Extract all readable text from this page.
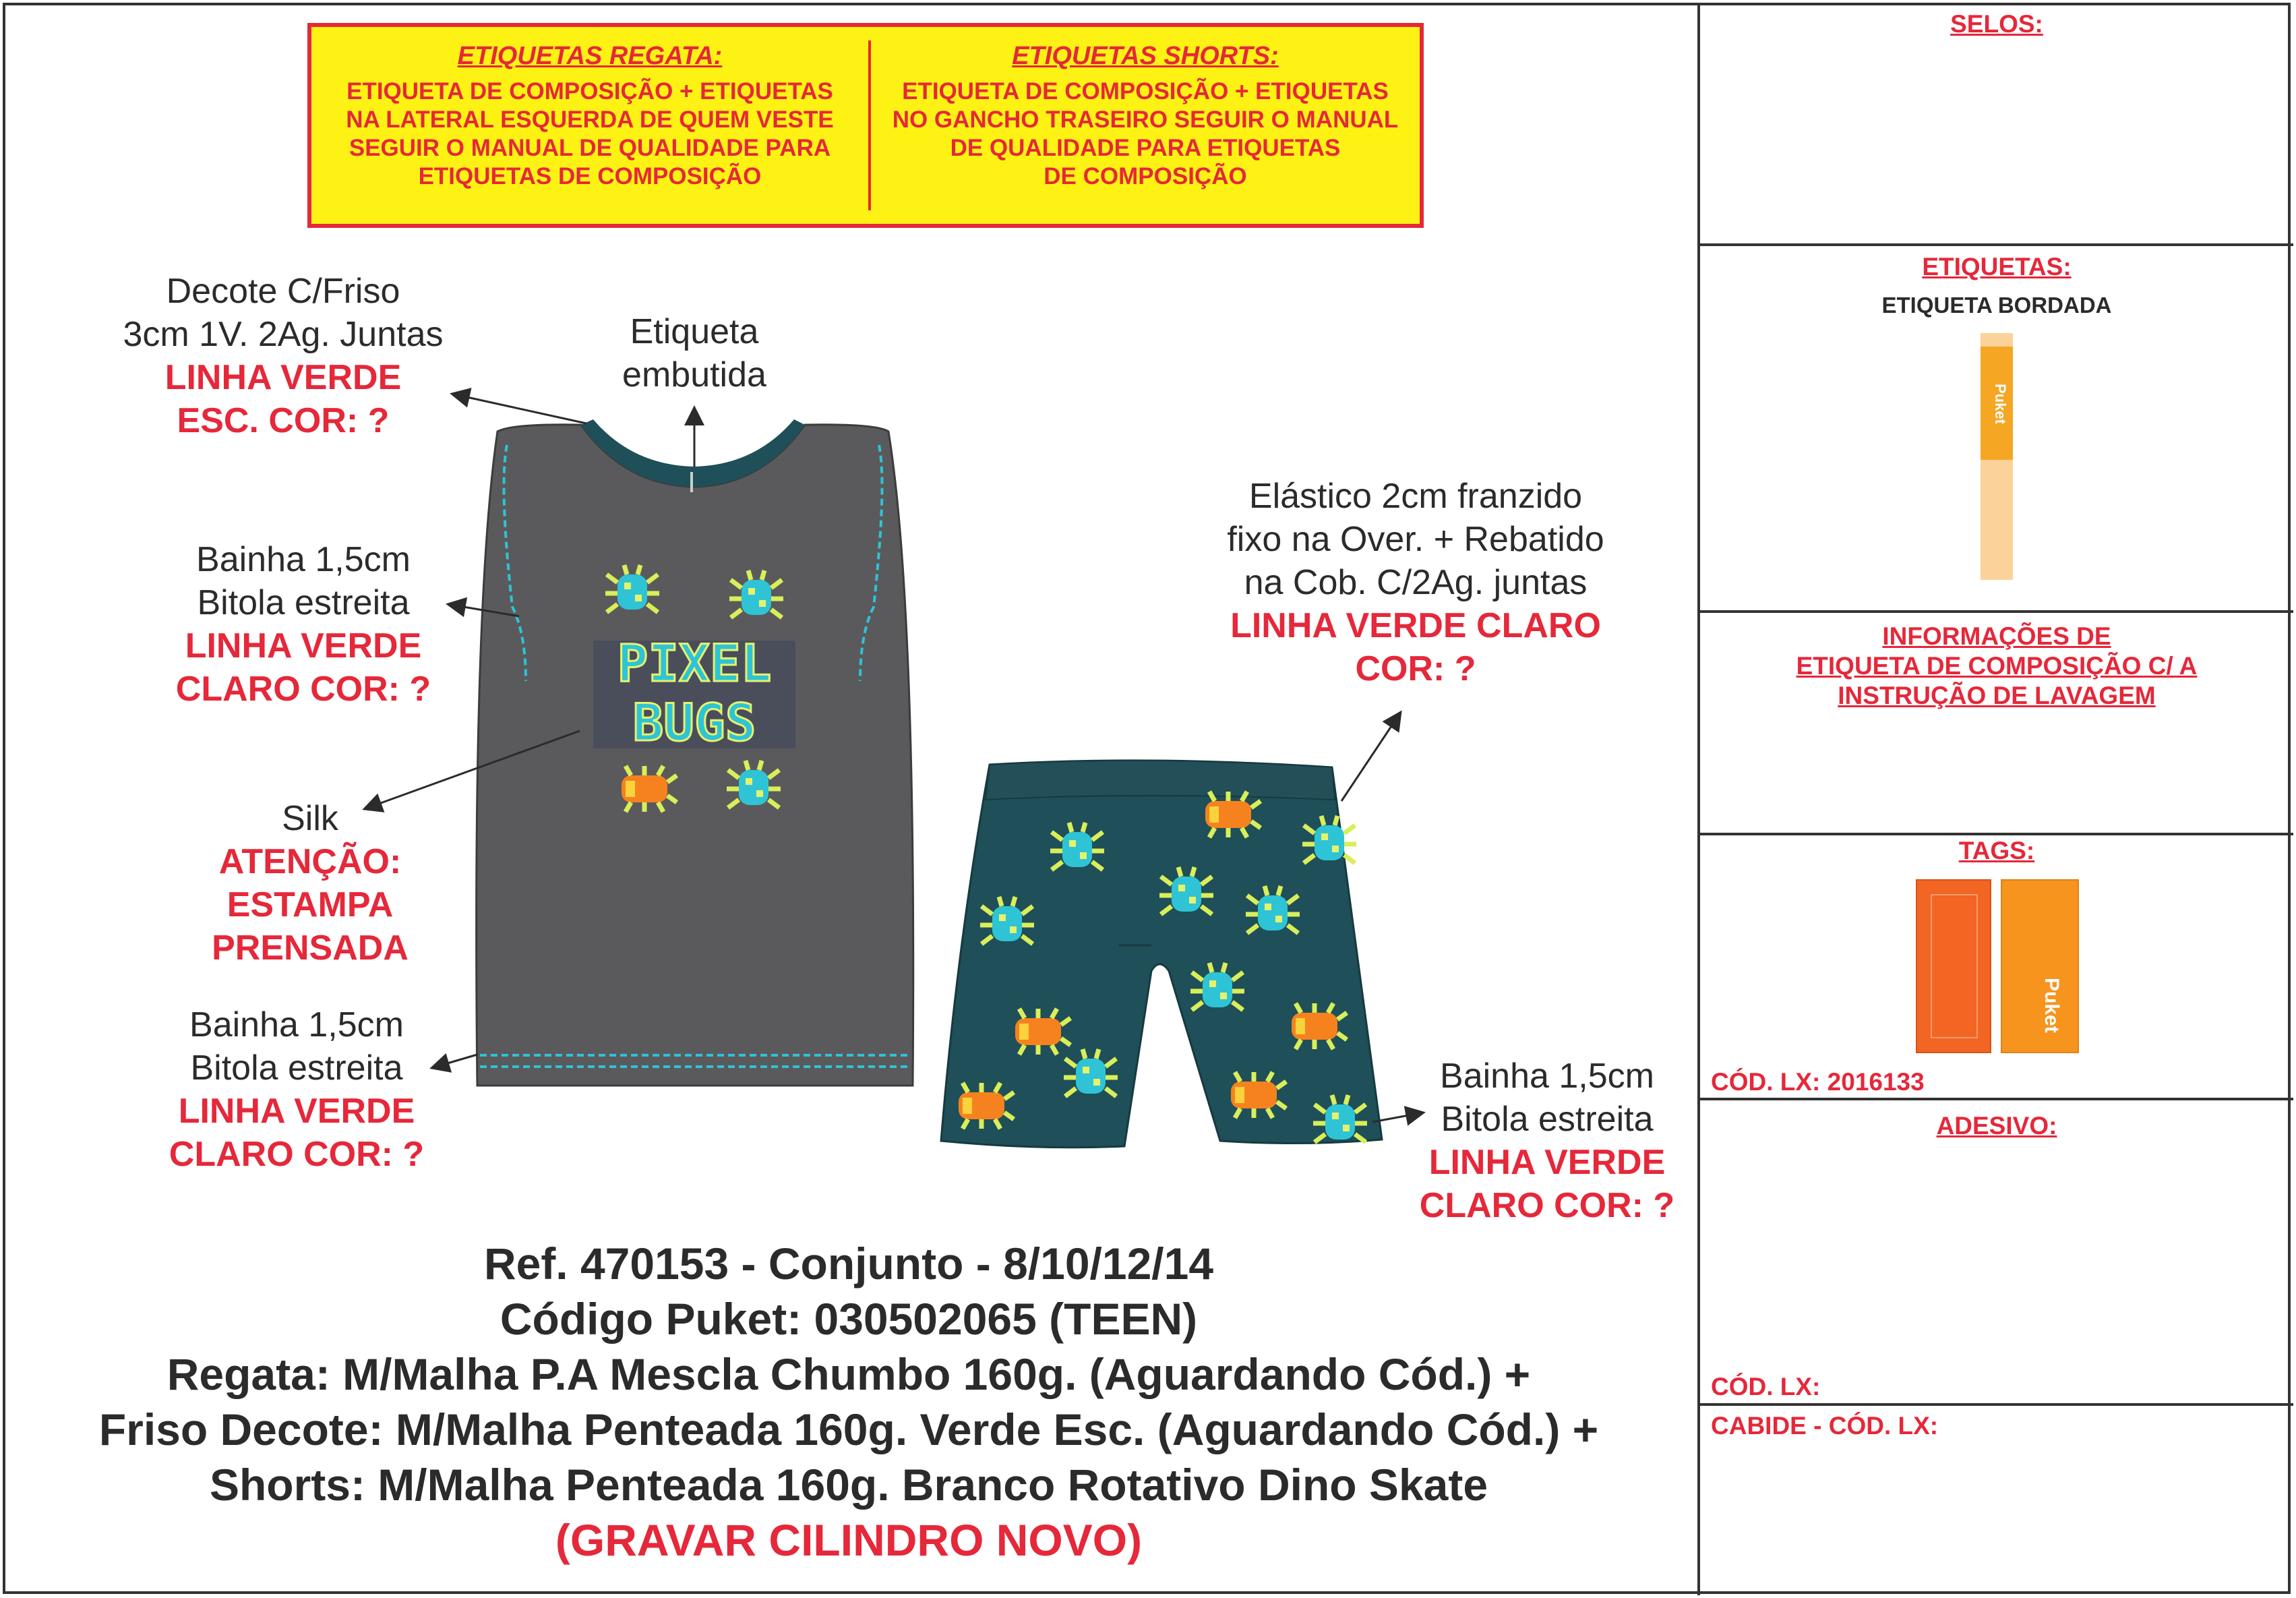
ETIQUETAS REGATA:
ETIQUETA DE COMPOSIÇÃO + ETIQUETAS
NA LATERAL ESQUERDA DE QUEM VESTE
SEGUIR O MANUAL DE QUALIDADE PARA
ETIQUETAS DE COMPOSIÇÃO
ETIQUETAS SHORTS:
ETIQUETA DE COMPOSIÇÃO + ETIQUETAS
NO GANCHO TRASEIRO SEGUIR O MANUAL
DE QUALIDADE PARA ETIQUETAS
DE COMPOSIÇÃO
PIXEL
BUGS
Decote C/Friso
3cm 1V. 2Ag. Juntas
LINHA VERDE
ESC. COR: ?
Etiqueta
embutida
Bainha 1,5cm
Bitola estreita
LINHA VERDE
CLARO COR: ?
Silk
ATENÇÃO:
ESTAMPA
PRENSADA
Bainha 1,5cm
Bitola estreita
LINHA VERDE
CLARO COR: ?
Elástico 2cm franzido
fixo na Over. + Rebatido
na Cob. C/2Ag. juntas
LINHA VERDE CLARO
COR: ?
Bainha 1,5cm
Bitola estreita
LINHA VERDE
CLARO COR: ?
SELOS:
ETIQUETAS:
ETIQUETA BORDADA
Puket
INFORMAÇÕES DE
ETIQUETA DE COMPOSIÇÃO C/ A
INSTRUÇÃO DE LAVAGEM
TAGS:
Puket
CÓD. LX: 2016133
ADESIVO:
CÓD. LX:
CABIDE - CÓD. LX:
Ref. 470153 - Conjunto - 8/10/12/14
Código Puket: 030502065 (TEEN)
Regata: M/Malha P.A Mescla Chumbo 160g. (Aguardando Cód.) +
Friso Decote: M/Malha Penteada 160g. Verde Esc. (Aguardando Cód.) +
Shorts: M/Malha Penteada 160g. Branco Rotativo Dino Skate
(GRAVAR CILINDRO NOVO)
